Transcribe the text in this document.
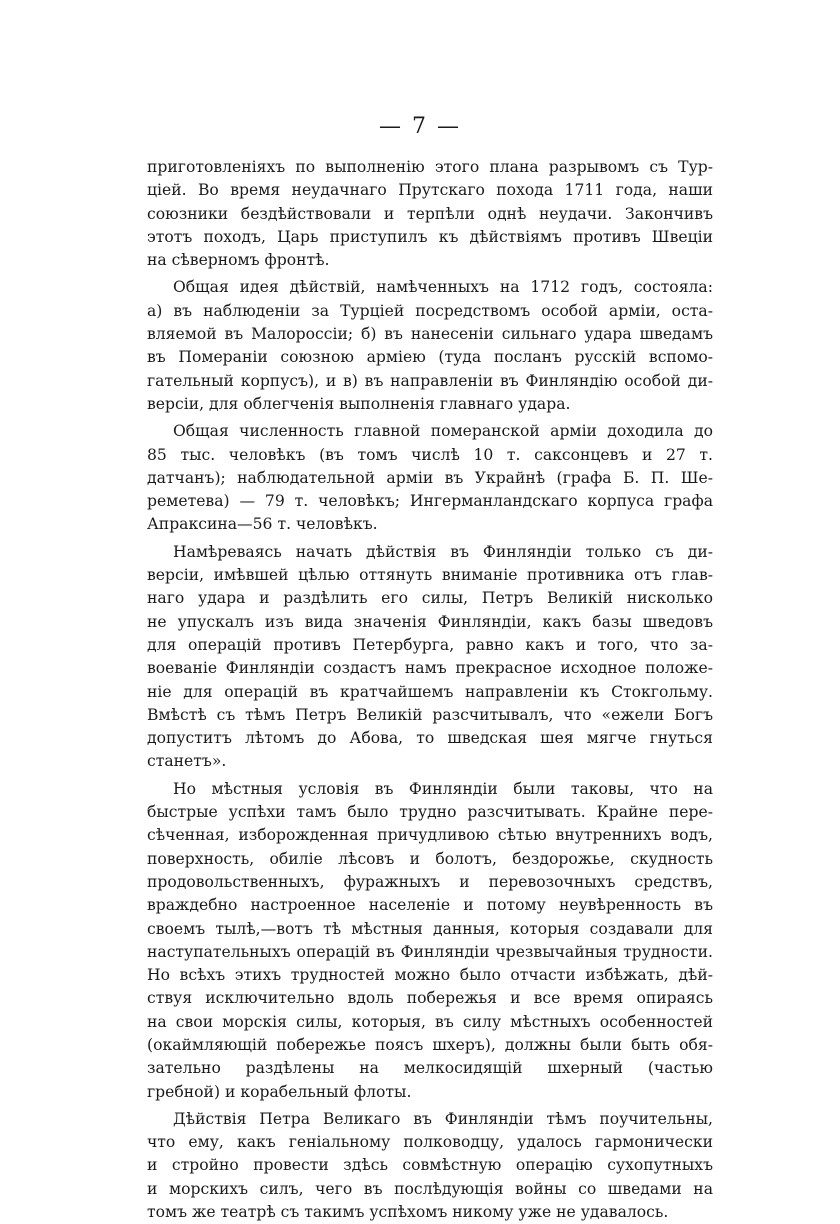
— 7 —
приготовленіяхъ по выполненію этого плана разрывомъ съ Тур-
ціей. Во время неудачнаго Прутскаго похода 1711 года, наши
союзники бездѣйствовали и терпѣли однѣ неудачи. Закончивъ
этотъ походъ, Царь приступилъ къ дѣйствіямъ противъ Швеціи
на сѣверномъ фронтѣ.
Общая идея дѣйствій, намѣченныхъ на 1712 годъ, состояла:
а) въ наблюденіи за Турціей посредствомъ особой арміи, оста-
вляемой въ Малороссіи; б) въ нанесеніи сильнаго удара шведамъ
въ Помераніи союзною арміею (туда посланъ русскій вспомо-
гательный корпусъ), и в) въ направленіи въ Финляндію особой ди-
версіи, для облегченія выполненія главнаго удара.
Общая численность главной померанской арміи доходила до
85 тыс. человѣкъ (въ томъ числѣ 10 т. саксонцевъ и 27 т.
датчанъ); наблюдательной арміи въ Украйнѣ (графа Б. П. Ше-
реметева) — 79 т. человѣкъ; Ингерманландскаго корпуса графа
Апраксина—56 т. человѣкъ.
Намѣреваясь начать дѣйствія въ Финляндіи только съ ди-
версіи, имѣвшей цѣлью оттянуть вниманіе противника отъ глав-
наго удара и раздѣлить его силы, Петръ Великій нисколько
не упускалъ изъ вида значенія Финляндіи, какъ базы шведовъ
для операцій противъ Петербурга, равно какъ и того, что за-
воеваніе Финляндіи создастъ намъ прекрасное исходное положе-
ніе для операцій въ кратчайшемъ направленіи къ Стокгольму.
Вмѣстѣ съ тѣмъ Петръ Великій разсчитывалъ, что «ежели Богъ
допуститъ лѣтомъ до Абова, то шведская шея мягче гнуться
станетъ».
Но мѣстныя условія въ Финляндіи были таковы, что на
быстрые успѣхи тамъ было трудно разсчитывать. Крайне пере-
сѣченная, изборожденная причудливою сѣтью внутреннихъ водъ,
поверхность, обиліе лѣсовъ и болотъ, бездорожье, скудность
продовольственныхъ, фуражныхъ и перевозочныхъ средствъ,
враждебно настроенное населеніе и потому неувѣренность въ
своемъ тылѣ,—вотъ тѣ мѣстныя данныя, которыя создавали для
наступательныхъ операцій въ Финляндіи чрезвычайныя трудности.
Но всѣхъ этихъ трудностей можно было отчасти избѣжать, дѣй-
ствуя исключительно вдоль побережья и все время опираясь
на свои морскія силы, которыя, въ силу мѣстныхъ особенностей
(окаймляющій побережье поясъ шхеръ), должны были быть обя-
зательно раздѣлены на мелкосидящій шхерный (частью
гребной) и корабельный флоты.
Дѣйствія Петра Великаго въ Финляндіи тѣмъ поучительны,
что ему, какъ геніальному полководцу, удалось гармонически
и стройно провести здѣсь совмѣстную операцію сухопутныхъ
и морскихъ силъ, чего въ послѣдующія войны со шведами на
томъ же театрѣ съ такимъ успѣхомъ никому уже не удавалось.
